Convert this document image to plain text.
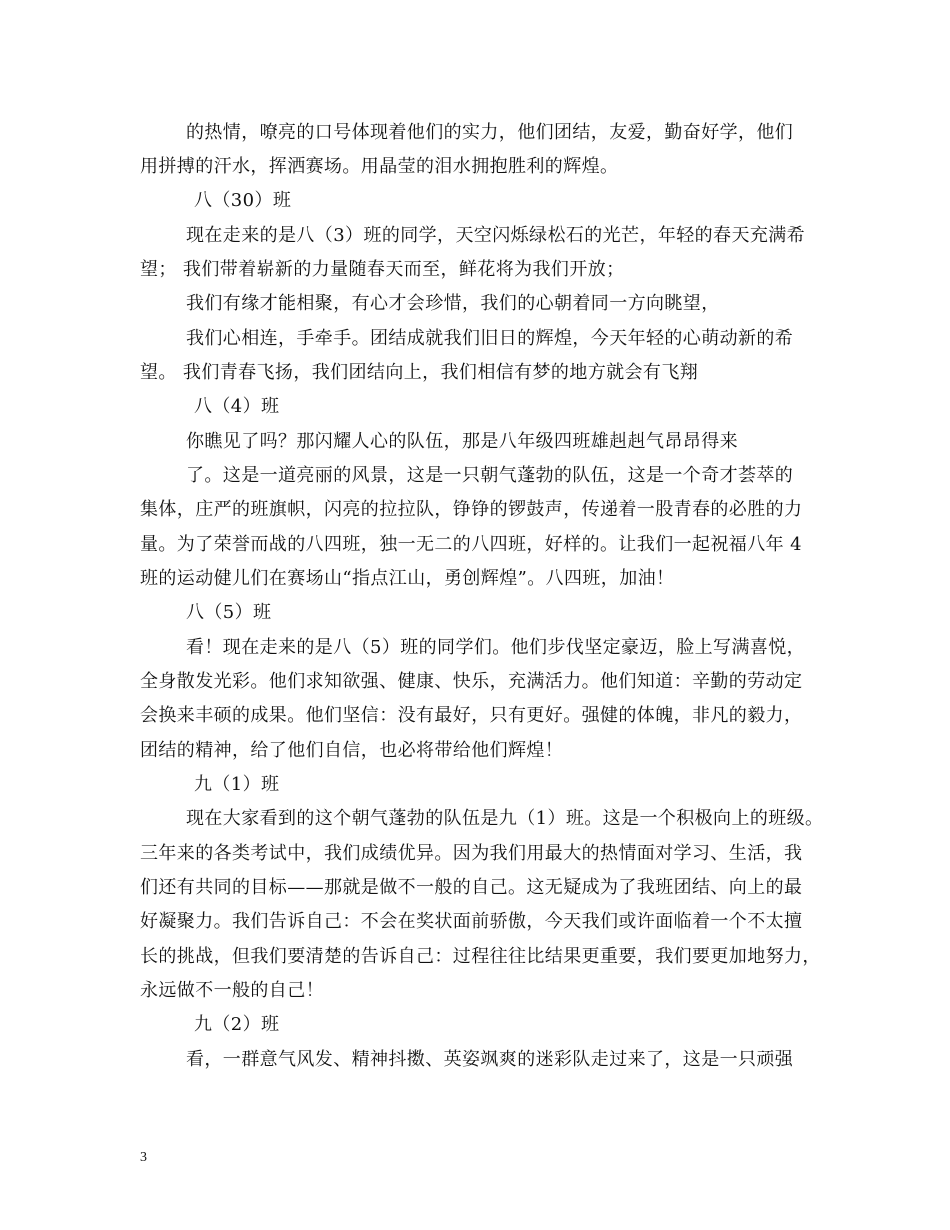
的热情，嘹亮的口号体现着他们的实力，他们团结，友爱，勤奋好学，他们
用拼搏的汗水，挥洒赛场。用晶莹的泪水拥抱胜利的辉煌。
八（30）班
现在走来的是八（3）班的同学，天空闪烁绿松石的光芒，年轻的春天充满希
望； 我们带着崭新的力量随春天而至，鲜花将为我们开放；
我们有缘才能相聚，有心才会珍惜，我们的心朝着同一方向眺望，
我们心相连，手牵手。团结成就我们旧日的辉煌，今天年轻的心萌动新的希
望。 我们青春飞扬，我们团结向上，我们相信有梦的地方就会有飞翔
八（4）班
你瞧见了吗？那闪耀人心的队伍，那是八年级四班雄赳赳气昂昂得来
了。这是一道亮丽的风景，这是一只朝气蓬勃的队伍，这是一个奇才荟萃的
集体，庄严的班旗帜，闪亮的拉拉队，铮铮的锣鼓声，传递着一股青春的必胜的力
量。为了荣誉而战的八四班，独一无二的八四班，好样的。让我们一起祝福八年 4
班的运动健儿们在赛场山“指点江山，勇创辉煌”。八四班，加油！
八（5）班
看！现在走来的是八（5）班的同学们。他们步伐坚定豪迈，脸上写满喜悦，
全身散发光彩。他们求知欲强、健康、快乐，充满活力。他们知道：辛勤的劳动定
会换来丰硕的成果。他们坚信：没有最好，只有更好。强健的体魄，非凡的毅力，
团结的精神，给了他们自信，也必将带给他们辉煌！
九（1）班
现在大家看到的这个朝气蓬勃的队伍是九（1）班。这是一个积极向上的班级。
三年来的各类考试中，我们成绩优异。因为我们用最大的热情面对学习、生活，我
们还有共同的目标——那就是做不一般的自己。这无疑成为了我班团结、向上的最
好凝聚力。我们告诉自己：不会在奖状面前骄傲，今天我们或许面临着一个不太擅
长的挑战，但我们要清楚的告诉自己：过程往往比结果更重要，我们要更加地努力，
永远做不一般的自己！
九（2）班
看，一群意气风发、精神抖擞、英姿飒爽的迷彩队走过来了，这是一只顽强
3
